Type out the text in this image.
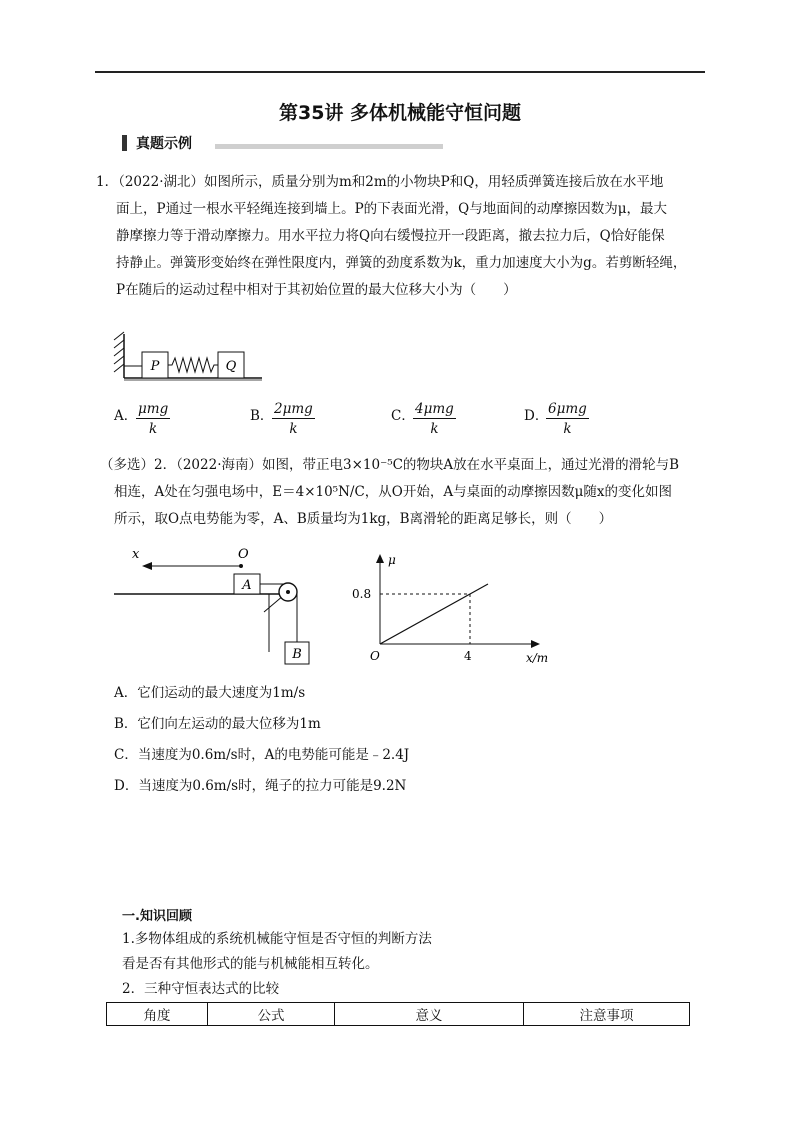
第35讲 多体机械能守恒问题
真题示例
1．（2022·湖北）如图所示，质量分别为m和2m的小物块P和Q，用轻质弹簧连接后放在水平地
面上，P通过一根水平轻绳连接到墙上。P的下表面光滑，Q与地面间的动摩擦因数为μ，最大
静摩擦力等于滑动摩擦力。用水平拉力将Q向右缓慢拉开一段距离，撤去拉力后，Q恰好能保
持静止。弹簧形变始终在弹性限度内，弹簧的劲度系数为k，重力加速度大小为g。若剪断轻绳，
P在随后的运动过程中相对于其初始位置的最大位移大小为（　　）
P	Q
A． μmg
k
B． 2μmg
k
C． 4μmg
k
D． 6μmg
k
（多选）2．（2022·海南）如图，带正电3×10⁻⁵C的物块A放在水平桌面上，通过光滑的滑轮与B
相连，A处在匀强电场中，E＝4×10⁵N/C，从O开始，A与桌面的动摩擦因数μ随x的变化如图
所示，取O点电势能为零，A、B质量均为1kg，B离滑轮的距离足够长，则（　　）
x	O
A
B
μ
x/m
O
0.8
4
A．它们运动的最大速度为1m/s
B．它们向左运动的最大位移为1m
C．当速度为0.6m/s时，A的电势能可能是﹣2.4J
D．当速度为0.6m/s时，绳子的拉力可能是9.2N
一.知识回顾
1.多物体组成的系统机械能守恒是否守恒的判断方法
看是否有其他形式的能与机械能相互转化。
2．三种守恒表达式的比较
角度	公式	意义	注意事项
